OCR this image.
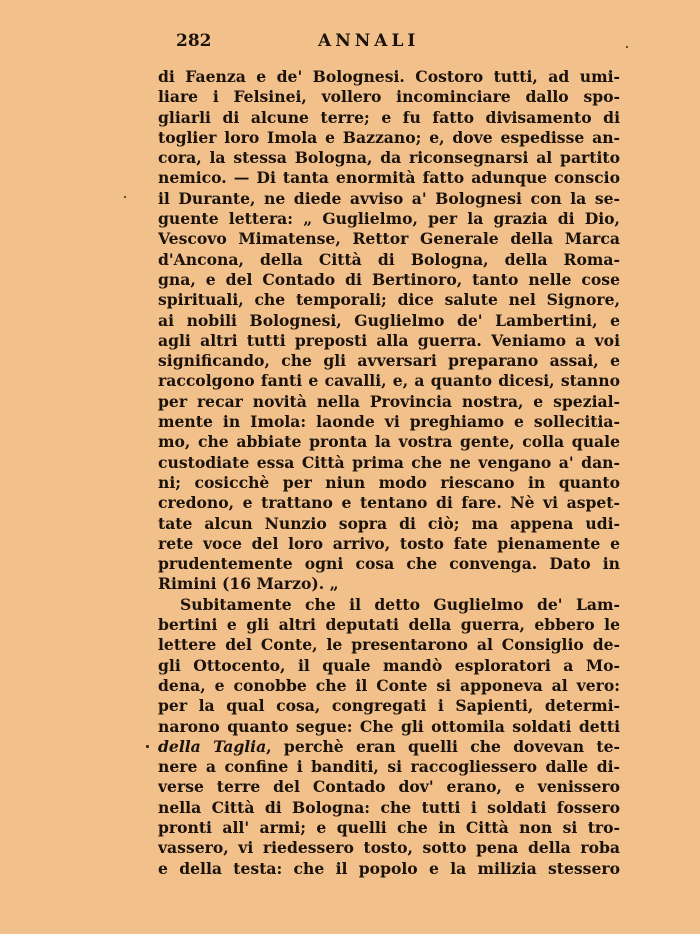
282	ANNALI
di Faenza e de' Bolognesi. Costoro tutti, ad umi-
liare i Felsinei, vollero incominciare dallo spo-
gliarli di alcune terre; e fu fatto divisamento di
toglier loro Imola e Bazzano; e, dove espedisse an-
cora, la stessa Bologna, da riconsegnarsi al partito
nemico. — Di tanta enormità fatto adunque conscio
il Durante, ne diede avviso a' Bolognesi con la se-
guente lettera: „ Guglielmo, per la grazia di Dio,
Vescovo Mimatense, Rettor Generale della Marca
d'Ancona, della Città di Bologna, della Roma-
gna, e del Contado di Bertinoro, tanto nelle cose
spirituali, che temporali; dice salute nel Signore,
ai nobili Bolognesi, Guglielmo de' Lambertini, e
agli altri tutti preposti alla guerra. Veniamo a voi
significando, che gli avversari preparano assai, e
raccolgono fanti e cavalli, e, a quanto dicesi, stanno
per recar novità nella Provincia nostra, e spezial-
mente in Imola: laonde vi preghiamo e sollecitia-
mo, che abbiate pronta la vostra gente, colla quale
custodiate essa Città prima che ne vengano a' dan-
ni; cosicchè per niun modo riescano in quanto
credono, e trattano e tentano di fare. Nè vi aspet-
tate alcun Nunzio sopra di ciò; ma appena udi-
rete voce del loro arrivo, tosto fate pienamente e
prudentemente ogni cosa che convenga. Dato in
Rimini (16 Marzo). „
Subitamente che il detto Guglielmo de' Lam-
bertini e gli altri deputati della guerra, ebbero le
lettere del Conte, le presentarono al Consiglio de-
gli Ottocento, il quale mandò esploratori a Mo-
dena, e conobbe che il Conte si apponeva al vero:
per la qual cosa, congregati i Sapienti, determi-
narono quanto segue: Che gli ottomila soldati detti
della Taglia, perchè eran quelli che dovevan te-
nere a confine i banditi, si raccogliessero dalle di-
verse terre del Contado dov' erano, e venissero
nella Città di Bologna: che tutti i soldati fossero
pronti all' armi; e quelli che in Città non si tro-
vassero, vi riedessero tosto, sotto pena della roba
e della testa: che il popolo e la milizia stessero
